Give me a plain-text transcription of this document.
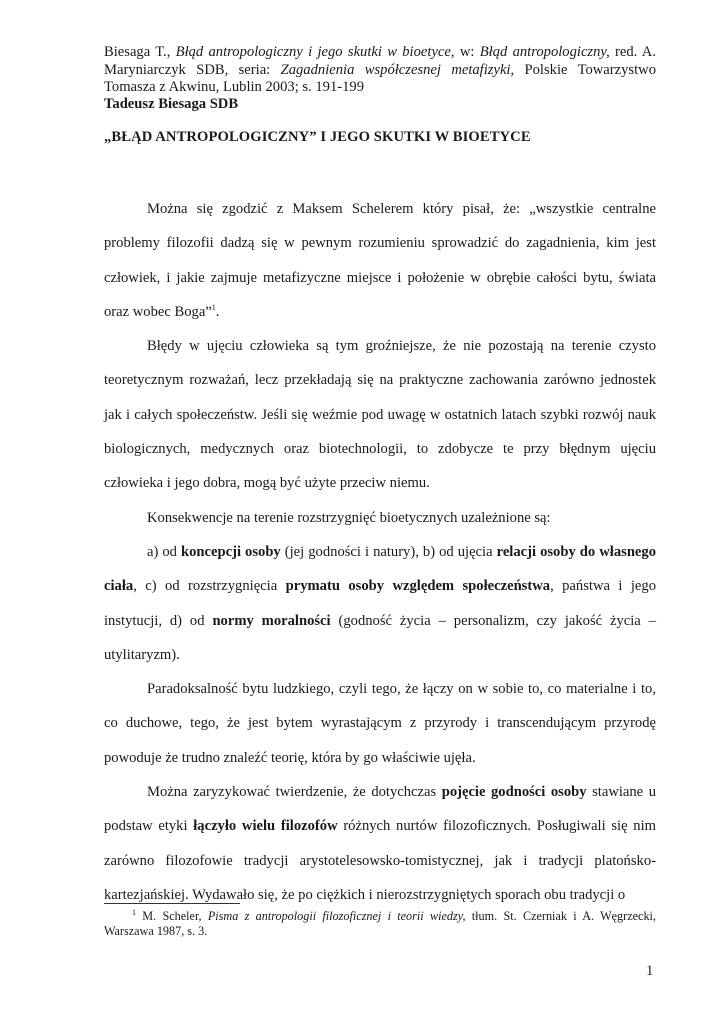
Biesaga T., Błąd antropologiczny i jego skutki w bioetyce, w: Błąd antropologiczny, red. A.
Maryniarczyk SDB, seria: Zagadnienia współczesnej metafizyki, Polskie Towarzystwo
Tomasza z Akwinu, Lublin 2003; s. 191-199
Tadeusz Biesaga SDB
„BŁĄD ANTROPOLOGICZNY” I JEGO SKUTKI W BIOETYCE

Można się zgodzić z Maksem Schelerem który pisał, że: „wszystkie centralne problemy filozofii dadzą się w pewnym rozumieniu sprowadzić do zagadnienia, kim jest człowiek, i jakie zajmuje metafizyczne miejsce i położenie w obrębie całości bytu, świata oraz wobec Boga”$^1$.

Błędy w ujęciu człowieka są tym groźniejsze, że nie pozostają na terenie czysto teoretycznym rozważań, lecz przekładają się na praktyczne zachowania zarówno jednostek jak i całych społeczeństw. Jeśli się weźmie pod uwagę w ostatnich latach szybki rozwój nauk biologicznych, medycznych oraz biotechnologii, to zdobycze te przy błędnym ujęciu człowieka i jego dobra, mogą być użyte przeciw niemu.

Konsekwencje na terenie rozstrzygnięć bioetycznych uzależnione są:

a) od koncepcji osoby (jej godności i natury), b) od ujęcia relacji osoby do własnego ciała, c) od rozstrzygnięcia prymatu osoby względem społeczeństwa, państwa i jego instytucji, d) od normy moralności (godność życia – personalizm, czy jakość życia – utylitaryzm).

Paradoksalność bytu ludzkiego, czyli tego, że łączy on w sobie to, co materialne i to, co duchowe, tego, że jest bytem wyrastającym z przyrody i transcendującym przyrodę powoduje że trudno znaleźć teorię, która by go właściwie ujęła.

Można zaryzykować twierdzenie, że dotychczas pojęcie godności osoby stawiane u podstaw etyki łączyło wielu filozofów różnych nurtów filozoficznych. Posługiwali się nim zarówno filozofowie tradycji arystotelesowsko-tomistycznej, jak i tradycji platońsko-kartezjańskiej. Wydawało się, że po ciężkich i nierozstrzygniętych sporach obu tradycji o

$^1$ M. Scheler, Pisma z antropologii filozoficznej i teorii wiedzy, tłum. St. Czerniak i A. Węgrzecki,
Warszawa 1987, s. 3.
1
